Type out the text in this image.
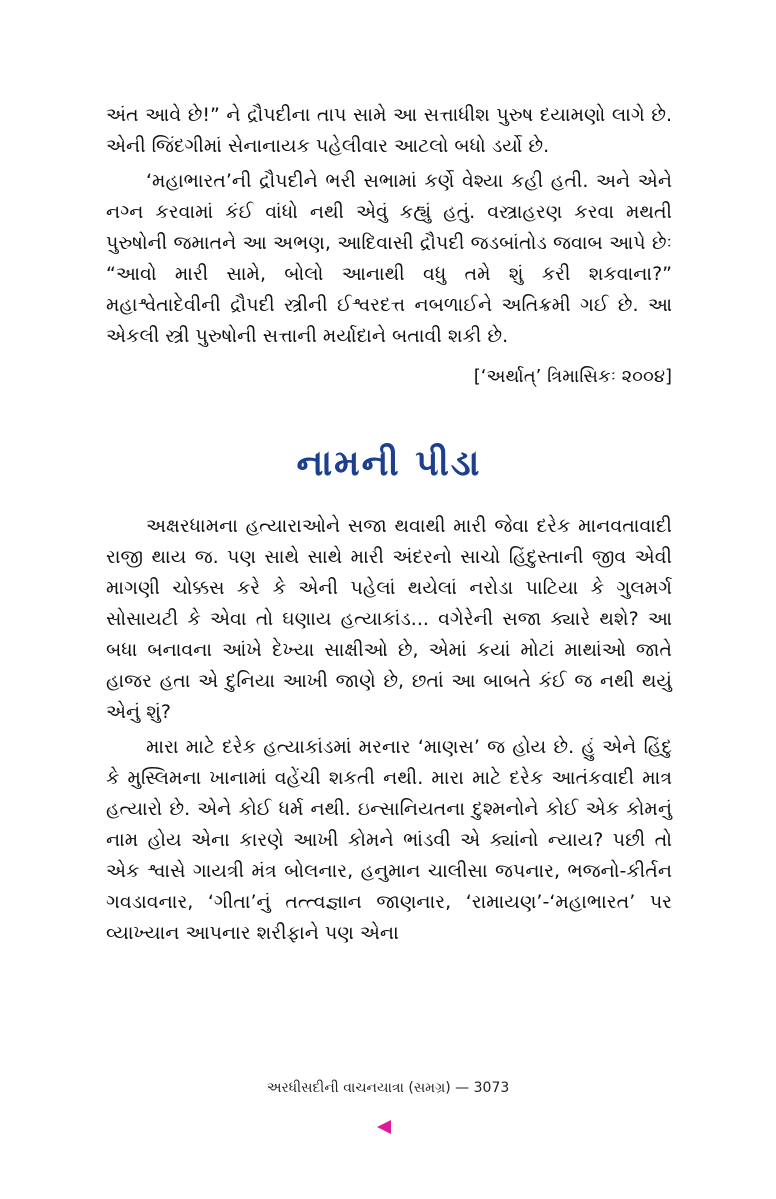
અંત આવે છે!” ને દ્રૌપદીના તાપ સામે આ સત્તાધીશ પુરુષ દયામણો લાગે છે. એની જિંદગીમાં સેનાનાયક પહેલીવાર આટલો બધો ડર્યો છે.

‘મહાભારત’ની દ્રૌપદીને ભરી સભામાં કર્ણે વેશ્યા કહી હતી. અને એને નગ્ન કરવામાં કંઈ વાંધો નથી એવું કહ્યું હતું. વસ્ત્રાહરણ કરવા મથતી પુરુષોની જમાતને આ અભણ, આદિવાસી દ્રૌપદી જડબાંતોડ જવાબ આપે છેઃ “આવો મારી સામે, બોલો આનાથી વધુ તમે શું કરી શકવાના?” મહાશ્વેતાદેવીની દ્રૌપદી સ્ત્રીની ઈશ્વરદત્ત નબળાઈને અતિક્રમી ગઈ છે. આ એકલી સ્ત્રી પુરુષોની સત્તાની મર્યાદાને બતાવી શકી છે.

[‘અર્થાત્’ ત્રિમાસિકઃ ૨૦૦૪]

નામની પીડા

અક્ષરધામના હત્યારાઓને સજા થવાથી મારી જેવા દરેક માનવતાવાદી રાજી થાય જ. પણ સાથે સાથે મારી અંદરનો સાચો હિંદુસ્તાની જીવ એવી માગણી ચોક્કસ કરે કે એની પહેલાં થયેલાં નરોડા પાટિયા કે ગુલમર્ગ સોસાયટી કે એવા તો ઘણાય હત્યાકાંડ... વગેરેની સજા ક્યારે થશે? આ બધા બનાવના આંખે દેખ્યા સાક્ષીઓ છે, એમાં કયાં મોટાં માથાંઓ જાતે હાજર હતા એ દુનિયા આખી જાણે છે, છતાં આ બાબતે કંઈ જ નથી થયું એનું શું?

મારા માટે દરેક હત્યાકાંડમાં મરનાર ‘માણસ’ જ હોય છે. હું એને હિંદુ કે મુસ્લિમના ખાનામાં વહેંચી શકતી નથી. મારા માટે દરેક આતંકવાદી માત્ર હત્યારો છે. એને કોઈ ધર્મ નથી. ઇન્સાનિયતના દુશ્મનોને કોઈ એક કોમનું નામ હોય એના કારણે આખી કોમને ભાંડવી એ ક્યાંનો ન્યાય? પછી તો એક શ્વાસે ગાયત્રી મંત્ર બોલનાર, હનુમાન ચાલીસા જપનાર, ભજનો-કીર્તન ગવડાવનાર, ‘ગીતા’નું તત્ત્વજ્ઞાન જાણનાર, ‘રામાયણ’-‘મહાભારત’ પર વ્યાખ્યાન આપનાર શરીફાને પણ એના

અરધીસદીની વાચનયાત્રા (સમગ્ર) — 3073
